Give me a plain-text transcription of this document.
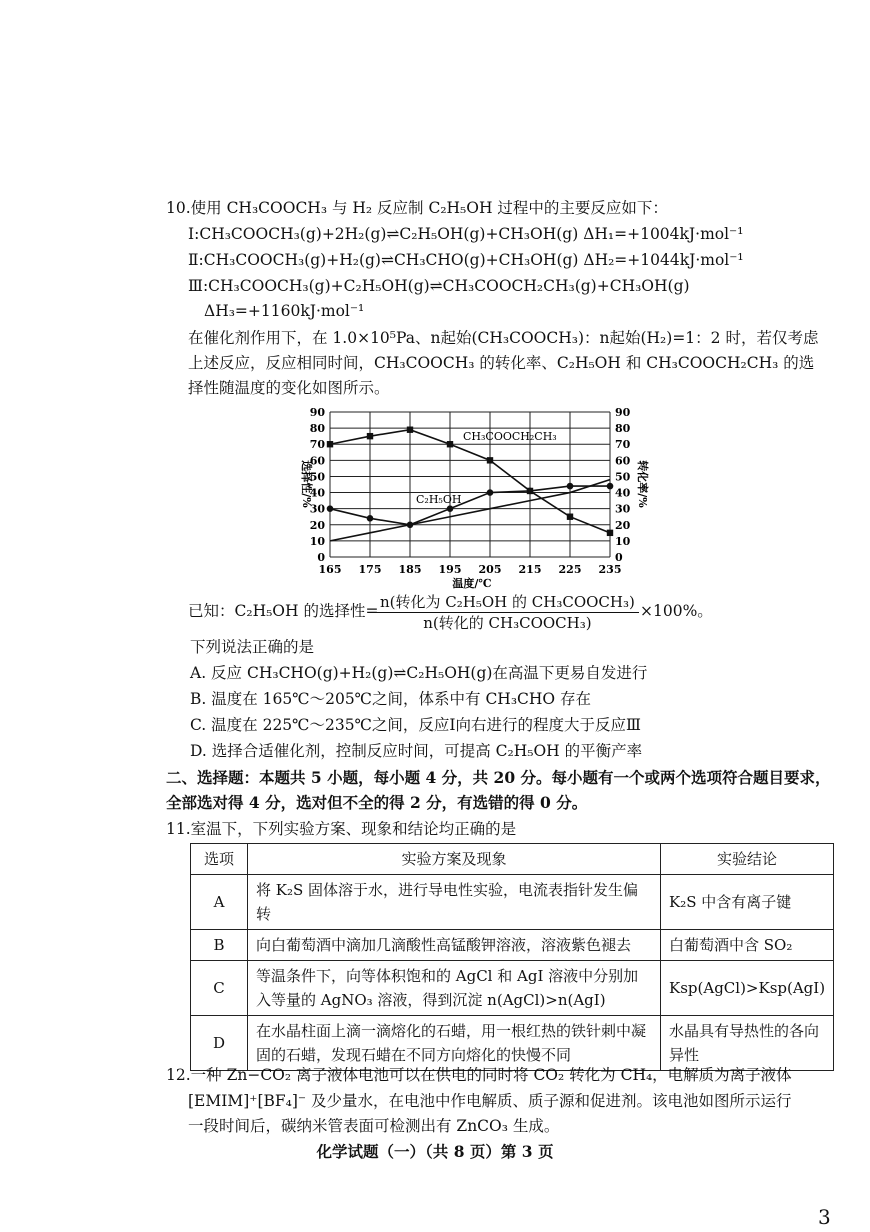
10.使用 CH₃COOCH₃ 与 H₂ 反应制 C₂H₅OH 过程中的主要反应如下：
Ⅰ:CH₃COOCH₃(g)+2H₂(g)⇌C₂H₅OH(g)+CH₃OH(g) ΔH₁=+1004kJ·mol⁻¹
Ⅱ:CH₃COOCH₃(g)+H₂(g)⇌CH₃CHO(g)+CH₃OH(g) ΔH₂=+1044kJ·mol⁻¹
Ⅲ:CH₃COOCH₃(g)+C₂H₅OH(g)⇌CH₃COOCH₂CH₃(g)+CH₃OH(g)
ΔH₃=+1160kJ·mol⁻¹
在催化剂作用下，在 1.0×10⁵Pa、n起始(CH₃COOCH₃)：n起始(H₂)=1：2 时，若仅考虑
上述反应，反应相同时间，CH₃COOCH₃ 的转化率、C₂H₅OH 和 CH₃COOCH₂CH₃ 的选
择性随温度的变化如图所示。
0	0
10	10
20	20
30	30
40	40
50	50
60	60
70	70
80	80
90	90
165 175 185 195 205 215 225 235
选择性/%	转化率/%
温度/℃
CH₃COOCH₂CH₃
C₂H₅OH
已知：C₂H₅OH 的选择性= n(转化为 C₂H₅OH 的 CH₃COOCH₃)
n(转化的 CH₃COOCH₃)
×100%。
下列说法正确的是
A. 反应 CH₃CHO(g)+H₂(g)⇌C₂H₅OH(g)在高温下更易自发进行
B. 温度在 165℃～205℃之间，体系中有 CH₃CHO 存在
C. 温度在 225℃～235℃之间，反应Ⅰ向右进行的程度大于反应Ⅲ
D. 选择合适催化剂，控制反应时间，可提高 C₂H₅OH 的平衡产率
二、选择题：本题共 5 小题，每小题 4 分，共 20 分。每小题有一个或两个选项符合题目要求，
全部选对得 4 分，选对但不全的得 2 分，有选错的得 0 分。
11.室温下，下列实验方案、现象和结论均正确的是
选项	实验方案及现象	实验结论
A	将 K₂S 固体溶于水，进行导电性实验，电流表指针发生偏转	K₂S 中含有离子键
B	向白葡萄酒中滴加几滴酸性高锰酸钾溶液，溶液紫色褪去	白葡萄酒中含 SO₂
C	等温条件下，向等体积饱和的 AgCl 和 AgI 溶液中分别加入等量的 AgNO₃ 溶液，得到沉淀 n(AgCl)>n(AgI)	Ksp(AgCl)>Ksp(AgI)
D	在水晶柱面上滴一滴熔化的石蜡，用一根红热的铁针刺中凝固的石蜡，发现石蜡在不同方向熔化的快慢不同	水晶具有导热性的各向异性
12.一种 Zn−CO₂ 离子液体电池可以在供电的同时将 CO₂ 转化为 CH₄，电解质为离子液体
[EMIM]⁺[BF₄]⁻ 及少量水，在电池中作电解质、质子源和促进剂。该电池如图所示运行
一段时间后，碳纳米管表面可检测出有 ZnCO₃ 生成。
化学试题（一）（共 8 页）第 3 页
3
